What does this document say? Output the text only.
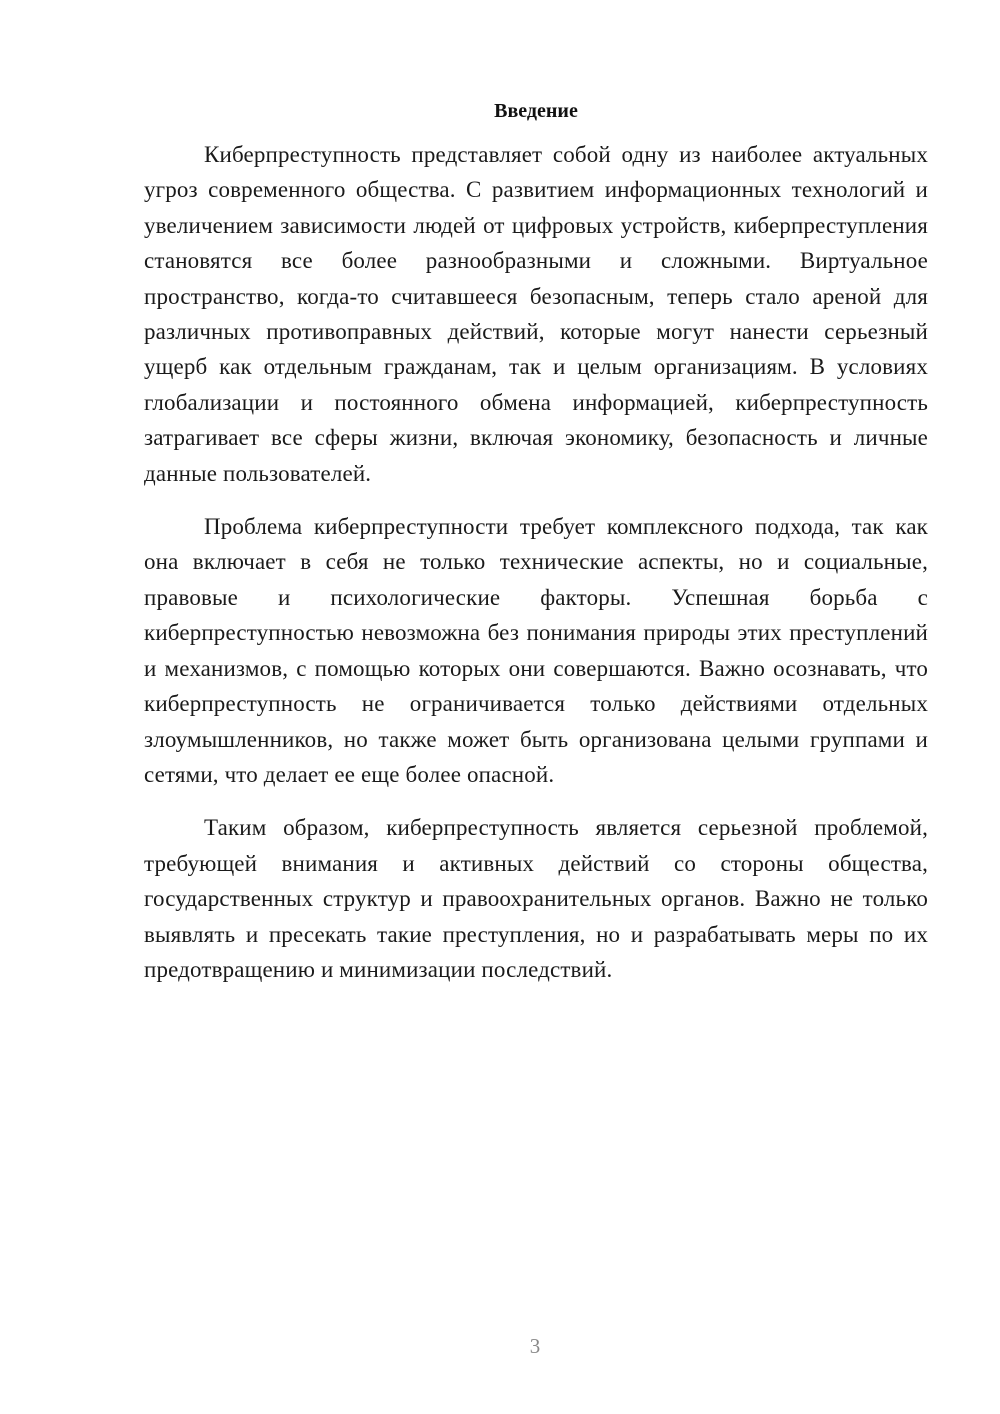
Введение

Киберпреступность представляет собой одну из наиболее актуальных угроз современного общества. С развитием информационных технологий и увеличением зависимости людей от цифровых устройств, киберпреступления становятся все более разнообразными и сложными. Виртуальное пространство, когда-то считавшееся безопасным, теперь стало ареной для различных противоправных действий, которые могут нанести серьезный ущерб как отдельным гражданам, так и целым организациям. В условиях глобализации и постоянного обмена информацией, киберпреступность затрагивает все сферы жизни, включая экономику, безопасность и личные данные пользователей.

Проблема киберпреступности требует комплексного подхода, так как она включает в себя не только технические аспекты, но и социальные, правовые и психологические факторы. Успешная борьба с киберпреступностью невозможна без понимания природы этих преступлений и механизмов, с помощью которых они совершаются. Важно осознавать, что киберпреступность не ограничивается только действиями отдельных злоумышленников, но также может быть организована целыми группами и сетями, что делает ее еще более опасной.

Таким образом, киберпреступность является серьезной проблемой, требующей внимания и активных действий со стороны общества, государственных структур и правоохранительных органов. Важно не только выявлять и пресекать такие преступления, но и разрабатывать меры по их предотвращению и минимизации последствий.

3
